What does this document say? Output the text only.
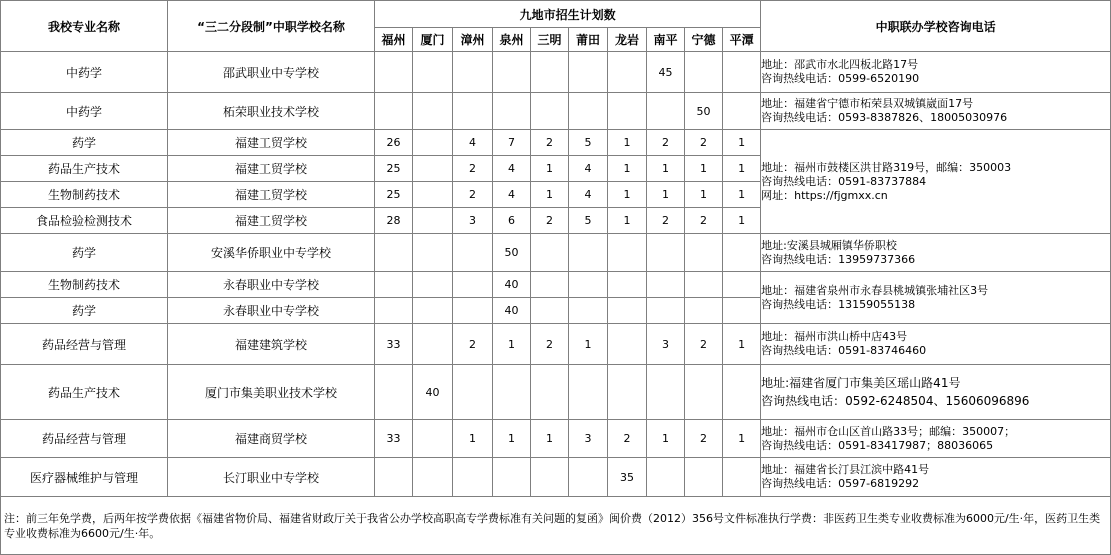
我校专业名称	“三二分段制”中职学校名称	九地市招生计划数										中职联办学校咨询电话
		福州	厦门	漳州	泉州	三明	莆田	龙岩	南平	宁德	平潭	
中药学	邵武职业中专学校								45			地址：邵武市水北四板北路17号
咨询热线电话：0599-6520190

中药学	柘荣职业技术学校									50		地址：福建省宁德市柘荣县双城镇崴面17号
咨询热线电话：0593-8387826、18005030976

药学	福建工贸学校	26		4	7	2	5	1	2	2	1	地址：福州市鼓楼区洪甘路319号，邮编：350003
咨询热线电话：0591-83737884
网址：https://fjgmxx.cn

药品生产技术	福建工贸学校	25		2	4	1	4	1	1	1	1	
生物制药技术	福建工贸学校	25		2	4	1	4	1	1	1	1	
食品检验检测技术	福建工贸学校	28		3	6	2	5	1	2	2	1	
药学	安溪华侨职业中专学校				50							地址:安溪县城厢镇华侨职校
咨询热线电话：13959737366

生物制药技术	永春职业中专学校				40							地址：福建省泉州市永春县桃城镇张埔社区3号
咨询热线电话：13159055138

药学	永春职业中专学校				40							
药品经营与管理	福建建筑学校	33		2	1	2	1		3	2	1	地址：福州市洪山桥中店43号
咨询热线电话：0591-83746460

药品生产技术	厦门市集美职业技术学校		40									地址:福建省厦门市集美区瑶山路41号
咨询热线电话：0592-6248504、15606096896

药品经营与管理	福建商贸学校	33		1	1	1	3	2	1	2	1	地址：福州市仓山区首山路33号；邮编：350007；
咨询热线电话：0591-83417987；88036065

医疗器械维护与管理	长汀职业中专学校							35				地址：福建省长汀县江滨中路41号
咨询热线电话：0597-6819292
注：前三年免学费，后两年按学费依据《福建省物价局、福建省财政厅关于我省公办学校高职高专学费标准有关问题的复函》闽价费（2012）356号文件标准执行学费：非医药卫生类专业收费标准为6000元/生·年，医药卫生类专业收费标准为6600元/生·年。
